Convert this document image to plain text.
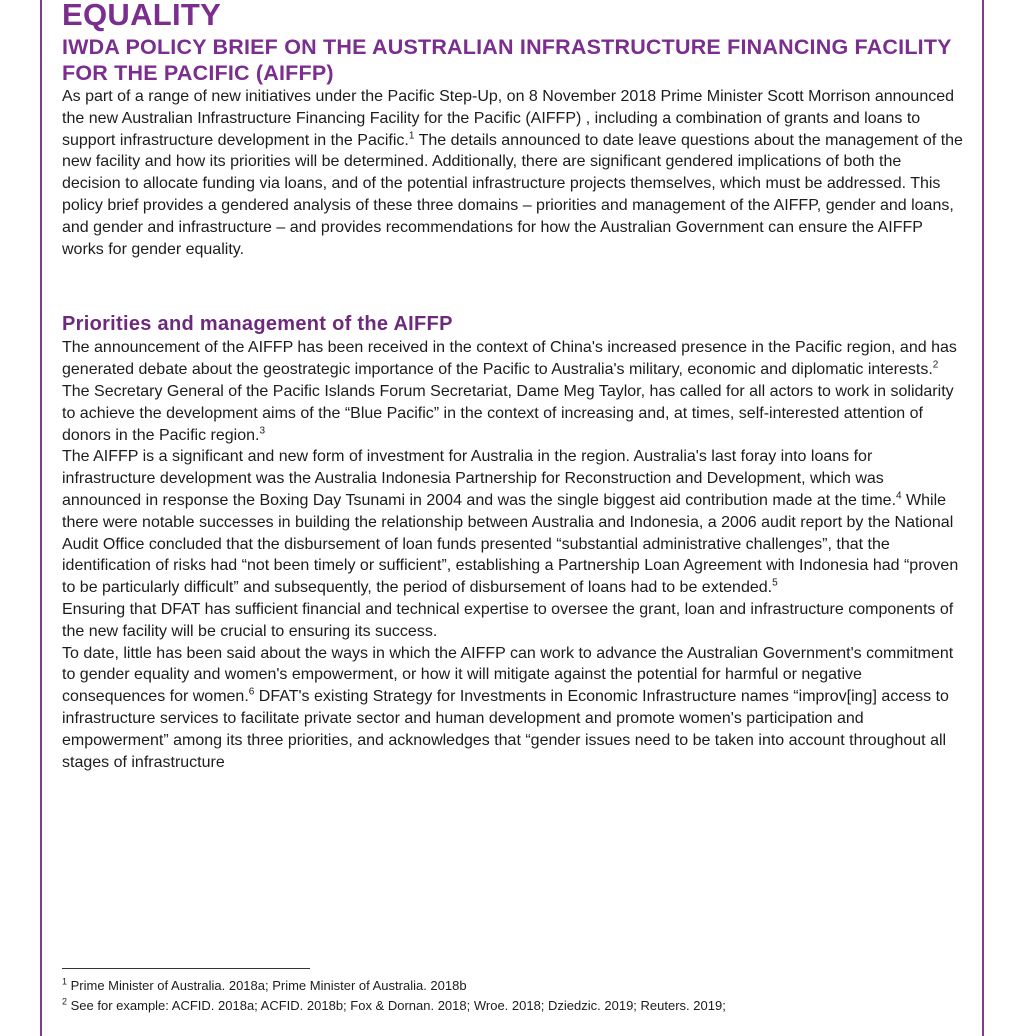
EQUALITY
IWDA POLICY BRIEF ON THE AUSTRALIAN INFRASTRUCTURE FINANCING FACILITY FOR THE PACIFIC (AIFFP)

As part of a range of new initiatives under the Pacific Step-Up, on 8 November 2018 Prime Minister Scott Morrison announced the new Australian Infrastructure Financing Facility for the Pacific (AIFFP) , including a combination of grants and loans to support infrastructure development in the Pacific.$^1$ The details announced to date leave questions about the management of the new facility and how its priorities will be determined. Additionally, there are significant gendered implications of both the decision to allocate funding via loans, and of the potential infrastructure projects themselves, which must be addressed. This policy brief provides a gendered analysis of these three domains – priorities and management of the AIFFP, gender and loans, and gender and infrastructure – and provides recommendations for how the Australian Government can ensure the AIFFP works for gender equality.

Priorities and management of the AIFFP

The announcement of the AIFFP has been received in the context of China's increased presence in the Pacific region, and has generated debate about the geostrategic importance of the Pacific to Australia's military, economic and diplomatic interests.$^2$ The Secretary General of the Pacific Islands Forum Secretariat, Dame Meg Taylor, has called for all actors to work in solidarity to achieve the development aims of the “Blue Pacific” in the context of increasing and, at times, self-interested attention of donors in the Pacific region.$^3$

The AIFFP is a significant and new form of investment for Australia in the region. Australia's last foray into loans for infrastructure development was the Australia Indonesia Partnership for Reconstruction and Development, which was announced in response the Boxing Day Tsunami in 2004 and was the single biggest aid contribution made at the time.$^4$ While there were notable successes in building the relationship between Australia and Indonesia, a 2006 audit report by the National Audit Office concluded that the disbursement of loan funds presented “substantial administrative challenges”, that the identification of risks had “not been timely or sufficient”, establishing a Partnership Loan Agreement with Indonesia had “proven to be particularly difficult” and subsequently, the period of disbursement of loans had to be extended.$^5$

Ensuring that DFAT has sufficient financial and technical expertise to oversee the grant, loan and infrastructure components of the new facility will be crucial to ensuring its success.

To date, little has been said about the ways in which the AIFFP can work to advance the Australian Government's commitment to gender equality and women's empowerment, or how it will mitigate against the potential for harmful or negative consequences for women.$^6$ DFAT's existing Strategy for Investments in Economic Infrastructure names “improv[ing] access to infrastructure services to facilitate private sector and human development and promote women's participation and empowerment” among its three priorities, and acknowledges that “gender issues need to be taken into account throughout all stages of infrastructure

$^1$ Prime Minister of Australia. 2018a; Prime Minister of Australia. 2018b

$^2$ See for example: ACFID. 2018a; ACFID. 2018b; Fox & Dornan. 2018; Wroe. 2018; Dziedzic. 2019; Reuters. 2019;
